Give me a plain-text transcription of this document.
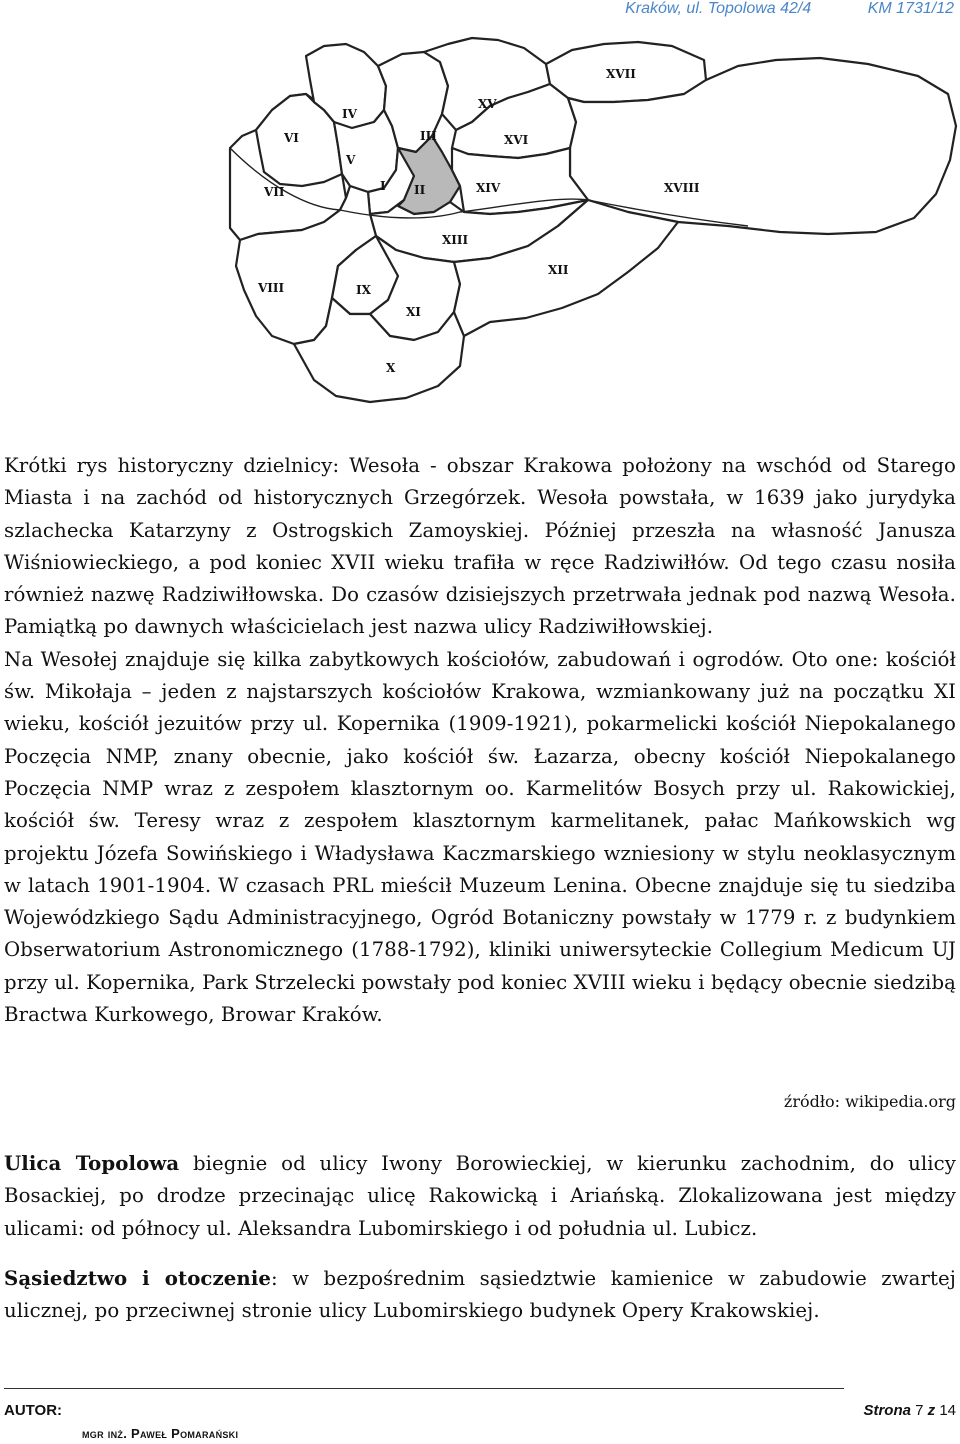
Kraków, ul. Topolowa 42/4	KM 1731/12
I II
III
IV
V
VI
VII
VIII	IX
X
XI
XII
XIII
XIV
XV
XVI
XVII
XVIII
Krótki rys historyczny dzielnicy: Wesoła - obszar Krakowa położony na wschód od Starego Miasta i na zachód od historycznych Grzegórzek. Wesoła powstała, w 1639 jako jurydyka szlachecka Katarzyny z Ostrogskich Zamoyskiej. Później przeszła na własność Janusza Wiśniowieckiego, a pod koniec XVII wieku trafiła w ręce Radziwiłłów. Od tego czasu nosiła również nazwę Radziwiłłowska. Do czasów dzisiejszych przetrwała jednak pod nazwą Wesoła. Pamiątką po dawnych właścicielach jest nazwa ulicy Radziwiłłowskiej.
Na Wesołej znajduje się kilka zabytkowych kościołów, zabudowań i ogrodów. Oto one: kościół św. Mikołaja – jeden z najstarszych kościołów Krakowa, wzmiankowany już na początku XI wieku, kościół jezuitów przy ul. Kopernika (1909-1921), pokarmelicki kościół Niepokalanego Poczęcia NMP, znany obecnie, jako kościół św. Łazarza, obecny kościół Niepokalanego Poczęcia NMP wraz z zespołem klasztornym oo. Karmelitów Bosych przy ul. Rakowickiej, kościół św. Teresy wraz z zespołem klasztornym karmelitanek, pałac Mańkowskich wg projektu Józefa Sowińskiego i Władysława Kaczmarskiego wzniesiony w stylu neoklasycznym w latach 1901-1904. W czasach PRL mieścił Muzeum Lenina. Obecne znajduje się tu siedziba Wojewódzkiego Sądu Administracyjnego, Ogród Botaniczny powstały w 1779 r. z budynkiem Obserwatorium Astronomicznego (1788-1792), kliniki uniwersyteckie Collegium Medicum UJ przy ul. Kopernika, Park Strzelecki powstały pod koniec XVIII wieku i będący obecnie siedzibą Bractwa Kurkowego, Browar Kraków.
źródło: wikipedia.org

Ulica Topolowa biegnie od ulicy Iwony Borowieckiej, w kierunku zachodnim, do ulicy Bosackiej, po drodze przecinając ulicę Rakowicką i Ariańską. Zlokalizowana jest między ulicami: od północy ul. Aleksandra Lubomirskiego i od południa ul. Lubicz.

Sąsiedztwo i otoczenie: w bezpośrednim sąsiedztwie kamienice w zabudowie zwartej ulicznej, po przeciwnej stronie ulicy Lubomirskiego budynek Opery Krakowskiej.

AUTOR:
mgr inż. Paweł Pomarański
Strona 7 z 14
